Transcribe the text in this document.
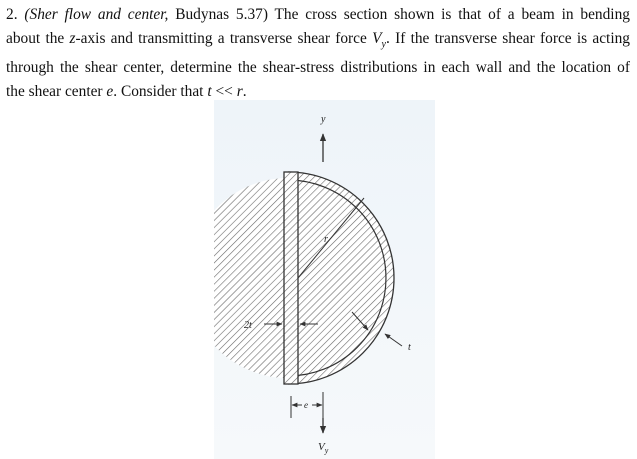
2. (Sher flow and center, Budynas 5.37) The cross section shown is that of a beam in bending
about the z-axis and transmitting a transverse shear force $V_y$. If the transverse shear force is acting
through the shear center, determine the shear-stress distributions in each wall and the location of
the shear center e. Consider that t << r.
y
r
2t
t
e
$V_y$
